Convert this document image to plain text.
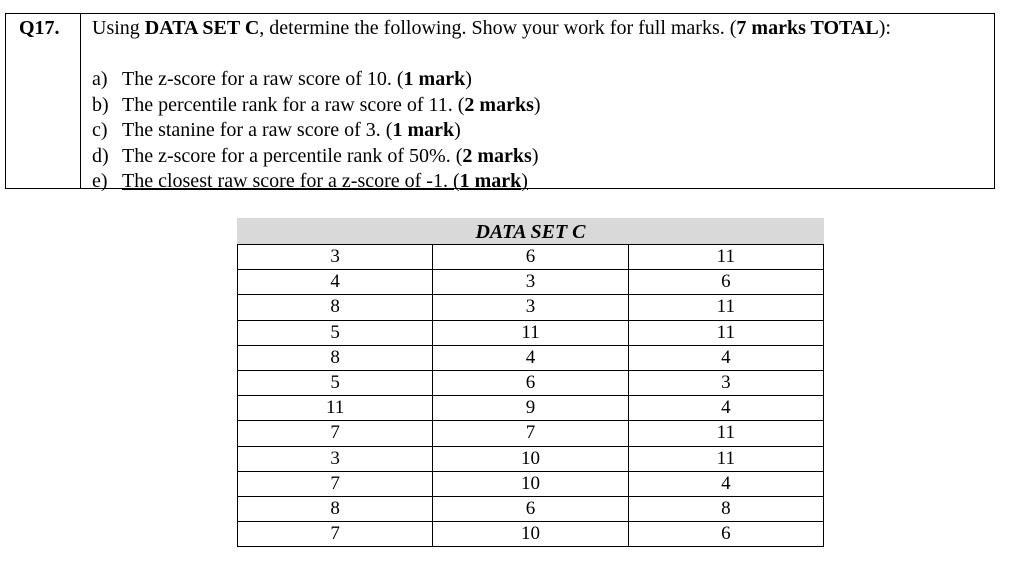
Q17.	Using DATA SET C, determine the following. Show your work for full marks. (7 marks TOTAL):
a) The z-score for a raw score of 10. (1 mark)
b) The percentile rank for a raw score of 11. (2 marks)
c) The stanine for a raw score of 3. (1 mark)
d) The z-score for a percentile rank of 50%. (2 marks)
e) The closest raw score for a z-score of -1. (1 mark)
DATA SET C
3	6	11
4	3	6
8	3	11
5	11	11
8	4	4
5	6	3
11	9	4
7	7	11
3	10	11
7	10	4
8	6	8
7	10	6
